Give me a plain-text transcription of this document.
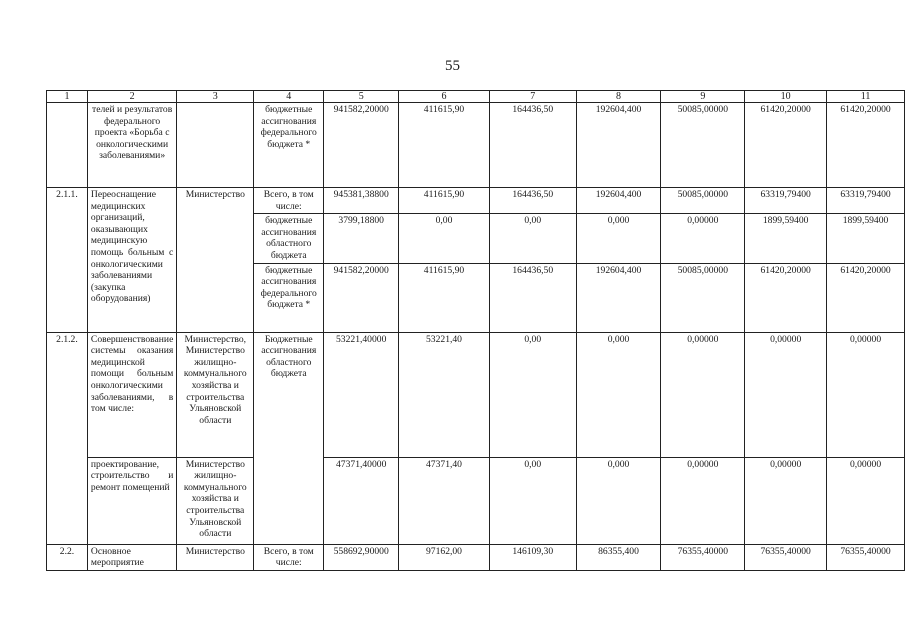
55
1	2	3	4	5	6	7	8	9	10	11
	телей и результатов федерального проекта «Борьба с онкологическими заболеваниями»		бюджетные ассигнования федерального бюджета *	941582,20000	411615,90	164436,50	192604,400	50085,00000	61420,20000	61420,20000
2.1.1.	Переоснащение медицинских организаций, оказывающих медицинскую помощь больным с онкологическими заболеваниями (закупка оборудования)	Министерство	Всего, в том числе:	945381,38800	411615,90	164436,50	192604,400	50085,00000	63319,79400	63319,79400
			бюджетные ассигнования областного бюджета	3799,18800	0,00	0,00	0,000	0,00000	1899,59400	1899,59400
			бюджетные ассигнования федерального бюджета *	941582,20000	411615,90	164436,50	192604,400	50085,00000	61420,20000	61420,20000
2.1.2.	Совершенствование системы оказания медицинской помощи больным онкологическими заболеваниями, в том числе:	Министерство, Министерство жилищно-коммунального хозяйства и строительства Ульяновской области	Бюджетные ассигнования областного бюджета	53221,40000	53221,40	0,00	0,000	0,00000	0,00000	0,00000
	проектирование, строительство и ремонт помещений	Министерство жилищно-коммунального хозяйства и строительства Ульяновской области		47371,40000	47371,40	0,00	0,000	0,00000	0,00000	0,00000
2.2.	Основное мероприятие	Министерство	Всего, в том числе:	558692,90000	97162,00	146109,30	86355,400	76355,40000	76355,40000	76355,40000
